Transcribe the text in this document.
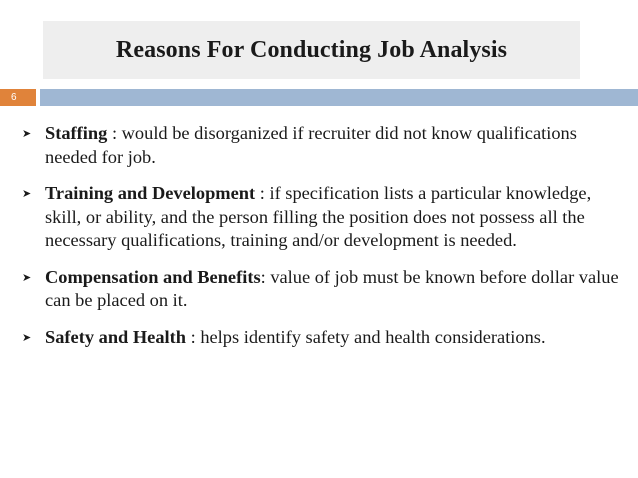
Reasons For Conducting Job Analysis
6
➤ Staffing : would be disorganized if recruiter did not know qualifications needed for job.
➤ Training and Development : if specification lists a particular knowledge, skill, or ability, and the person filling the position does not possess all the necessary qualifications, training and/or development is needed.
➤ Compensation and Benefits: value of job must be known before dollar value can be placed on it.
➤ Safety and Health : helps identify safety and health considerations.
